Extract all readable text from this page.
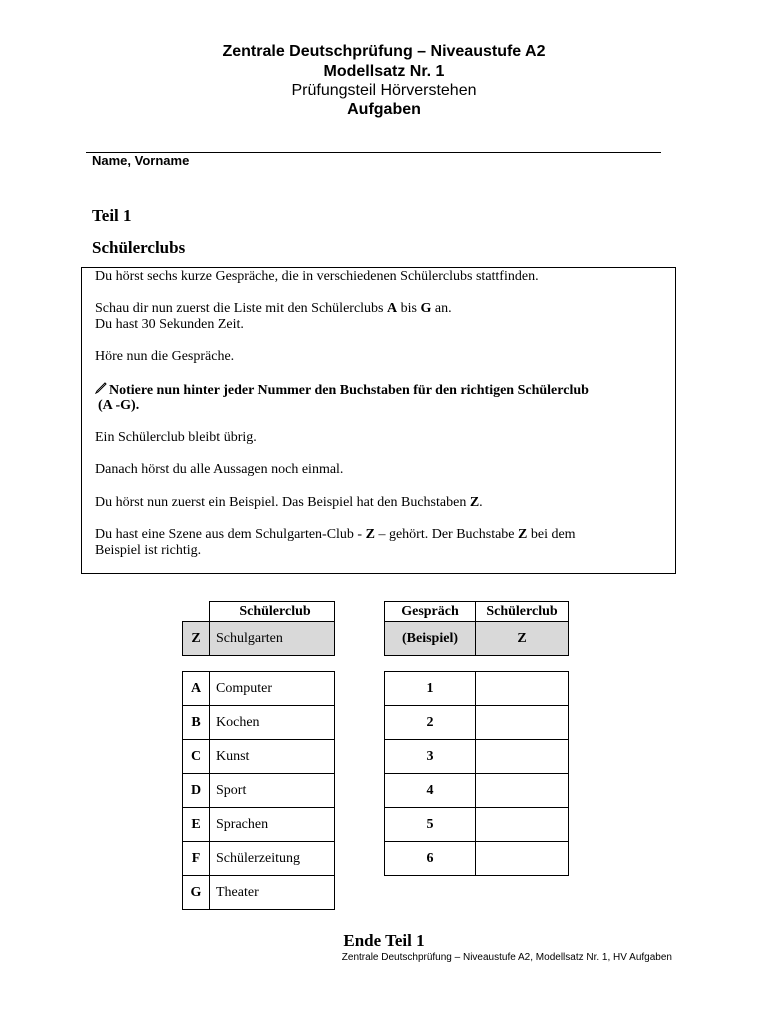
Zentrale Deutschprüfung – Niveaustufe A2
Modellsatz Nr. 1
Prüfungsteil Hörverstehen
Aufgaben
Name, Vorname
Teil 1
Schülerclubs
Du hörst sechs kurze Gespräche, die in verschiedenen Schülerclubs stattfinden.
Schau dir nun zuerst die Liste mit den Schülerclubs A bis G an.
Du hast 30 Sekunden Zeit.
Höre nun die Gespräche.
Notiere nun hinter jeder Nummer den Buchstaben für den richtigen Schülerclub
(A -G).
Ein Schülerclub bleibt übrig.
Danach hörst du alle Aussagen noch einmal.
Du hörst nun zuerst ein Beispiel. Das Beispiel hat den Buchstaben Z.
Du hast eine Szene aus dem Schulgarten-Club - Z – gehört. Der Buchstabe Z bei dem
Beispiel ist richtig.
	Schülerclub
Z	Schulgarten
A	Computer
B	Kochen
C	Kunst
D	Sport
E	Sprachen
F	Schülerzeitung
G	Theater
Gespräch	Schülerclub
(Beispiel)	Z
1	
2	
3	
4	
5	
6	
Ende Teil 1
Zentrale Deutschprüfung – Niveaustufe A2, Modellsatz Nr. 1, HV Aufgaben
